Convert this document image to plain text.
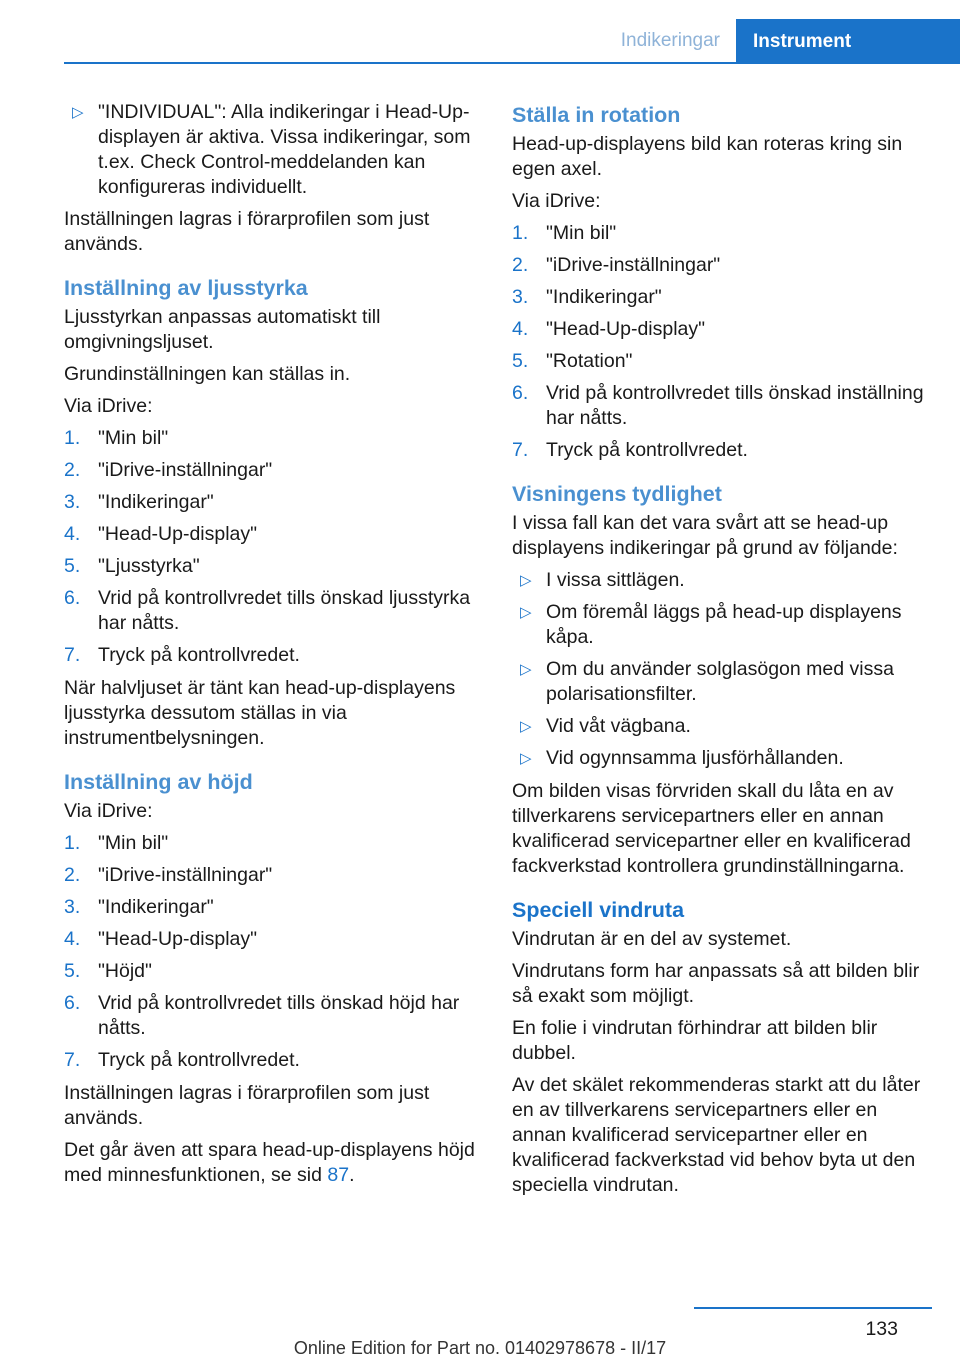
Indikeringar	Instrument
▷ "INDIVIDUAL": Alla indikeringar i Head-Up-displayen är aktiva. Vissa indikeringar, som t.ex. Check Control-meddelanden kan konfigureras individuellt.

Inställningen lagras i förarprofilen som just används.

Inställning av ljusstyrka

Ljusstyrkan anpassas automatiskt till omgivningsljuset.

Grundinställningen kan ställas in.

Via iDrive:

1. "Min bil"
2. "iDrive-inställningar"
3. "Indikeringar"
4. "Head-Up-display"
5. "Ljusstyrka"
6. Vrid på kontrollvredet tills önskad ljusstyrka har nåtts.
7. Tryck på kontrollvredet.

När halvljuset är tänt kan head-up-displayens ljusstyrka dessutom ställas in via instrumentbelysningen.

Inställning av höjd

Via iDrive:

1. "Min bil"
2. "iDrive-inställningar"
3. "Indikeringar"
4. "Head-Up-display"
5. "Höjd"
6. Vrid på kontrollvredet tills önskad höjd har nåtts.
7. Tryck på kontrollvredet.

Inställningen lagras i förarprofilen som just används.

Det går även att spara head-up-displayens höjd med minnesfunktionen, se sid 87.

Ställa in rotation

Head-up-displayens bild kan roteras kring sin egen axel.

Via iDrive:

1. "Min bil"
2. "iDrive-inställningar"
3. "Indikeringar"
4. "Head-Up-display"
5. "Rotation"
6. Vrid på kontrollvredet tills önskad inställning har nåtts.
7. Tryck på kontrollvredet.
Visningens tydlighet

I vissa fall kan det vara svårt att se head-up displayens indikeringar på grund av följande:

▷ I vissa sittlägen.
▷ Om föremål läggs på head-up displayens kåpa.
▷ Om du använder solglasögon med vissa polarisationsfilter.
▷ Vid våt vägbana.
▷ Vid ogynnsamma ljusförhållanden.

Om bilden visas förvriden skall du låta en av tillverkarens servicepartners eller en annan kvalificerad servicepartner eller en kvalificerad fackverkstad kontrollera grundinställningarna.

Speciell vindruta

Vindrutan är en del av systemet.

Vindrutans form har anpassats så att bilden blir så exakt som möjligt.

En folie i vindrutan förhindrar att bilden blir dubbel.

Av det skälet rekommenderas starkt att du låter en av tillverkarens servicepartners eller en annan kvalificerad servicepartner eller en kvalificerad fackverkstad vid behov byta ut den speciella vindrutan.

133
Online Edition for Part no. 01402978678 - II/17
